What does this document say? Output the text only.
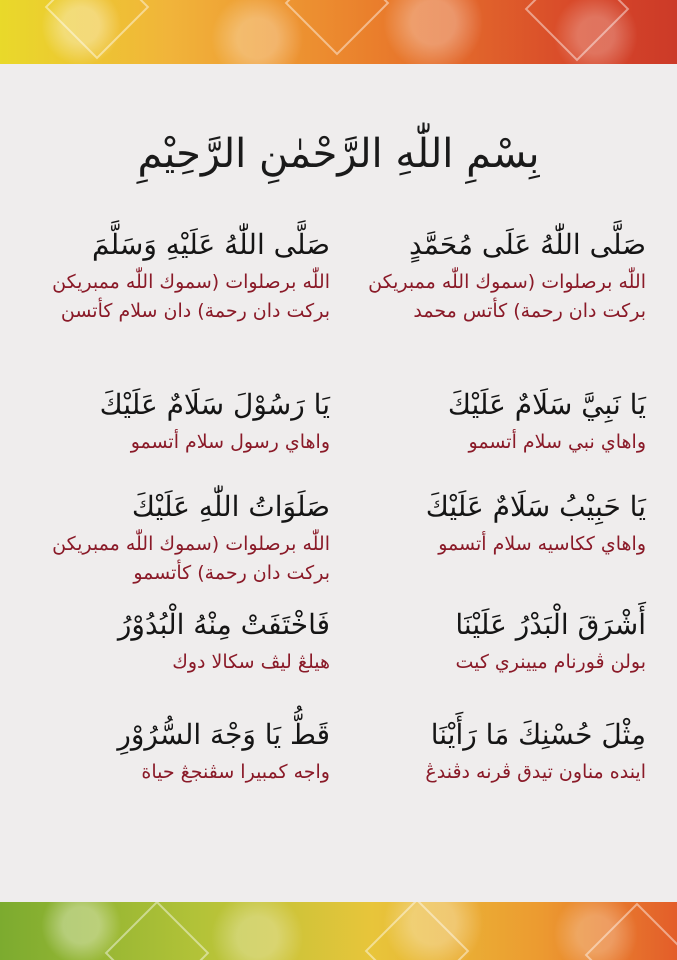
بِسْمِ اللّٰهِ الرَّحْمٰنِ الرَّحِيْمِ
صَلَّى اللّٰهُ عَلَى مُحَمَّدٍ
اللّٰه برصلوات (سموك اللّٰه ممبريكن بركت دان رحمة) كأتس محمد
يَا نَبِيَّ سَلَامٌ عَلَيْكَ
واهاي نبي سلام أتسمو
يَا حَبِيْبُ سَلَامٌ عَلَيْكَ
واهاي ككاسيه سلام أتسمو
أَشْرَقَ الْبَدْرُ عَلَيْنَا
بولن ڤورنام ميينري كيت
مِثْلَ حُسْنِكَ مَا رَأَيْنَا
ايندە مناون تيدق ڤرنه دڤندڠ
صَلَّى اللّٰهُ عَلَيْهِ وَسَلَّمَ
اللّٰه برصلوات (سموك اللّٰه ممبريكن بركت دان رحمة) دان سلام كأتسن
يَا رَسُوْلَ سَلَامٌ عَلَيْكَ
واهاي رسول سلام أتسمو
صَلَوَاتُ اللّٰهِ عَلَيْكَ
اللّٰه برصلوات (سموك اللّٰه ممبريكن بركت دان رحمة) كأتسمو
فَاخْتَفَتْ مِنْهُ الْبُدُوْرُ
هيلڠ ليڤ سكالا دوك
قَطُّ يَا وَجْهَ السُّرُوْرِ
واجه كمبيرا سڤنجڠ حياة
